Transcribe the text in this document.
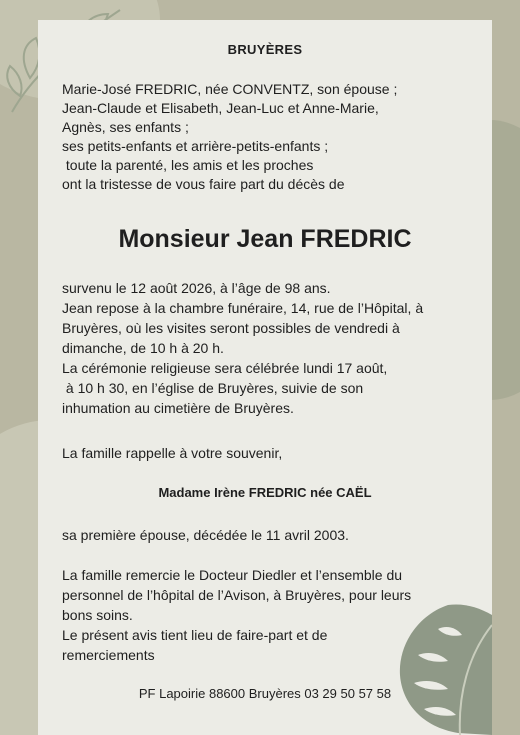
BRUYÈRES
Marie-José FREDRIC, née CONVENTZ, son épouse ;
Jean-Claude et Elisabeth, Jean-Luc et Anne-Marie,
Agnès, ses enfants ;
ses petits-enfants et arrière-petits-enfants ;
toute la parenté, les amis et les proches
ont la tristesse de vous faire part du décès de
Monsieur Jean FREDRIC
survenu le 12 août 2026, à l’âge de 98 ans.
Jean repose à la chambre funéraire, 14, rue de l’Hôpital, à
Bruyères, où les visites seront possibles de vendredi à
dimanche, de 10 h à 20 h.
La cérémonie religieuse sera célébrée lundi 17 août,
à 10 h 30, en l’église de Bruyères, suivie de son
inhumation au cimetière de Bruyères.
La famille rappelle à votre souvenir,
Madame Irène FREDRIC née CAËL
sa première épouse, décédée le 11 avril 2003.
La famille remercie le Docteur Diedler et l’ensemble du
personnel de l’hôpital de l’Avison, à Bruyères, pour leurs
bons soins.
Le présent avis tient lieu de faire-part et de
remerciements
PF Lapoirie 88600 Bruyères 03 29 50 57 58
